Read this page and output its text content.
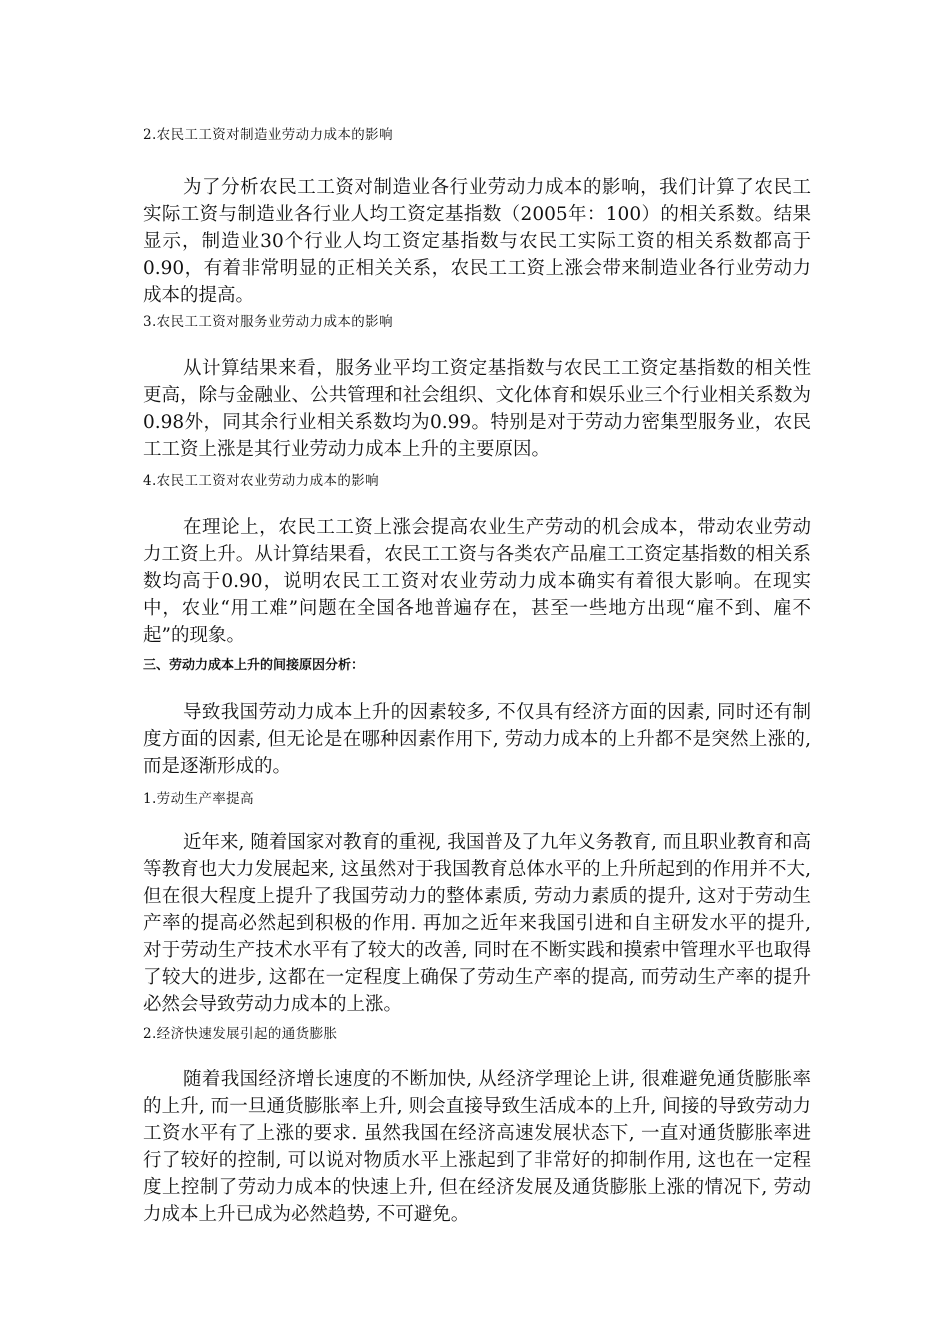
2.农民工工资对制造业劳动力成本的影响

为了分析农民工工资对制造业各行业劳动力成本的影响，我们计算了农民工实际工资与制造业各行业人均工资定基指数（2005年：100）的相关系数。结果显示，制造业30个行业人均工资定基指数与农民工实际工资的相关系数都高于0.90，有着非常明显的正相关关系，农民工工资上涨会带来制造业各行业劳动力成本的提高。

3.农民工工资对服务业劳动力成本的影响

从计算结果来看，服务业平均工资定基指数与农民工工资定基指数的相关性更高，除与金融业、公共管理和社会组织、文化体育和娱乐业三个行业相关系数为0.98外，同其余行业相关系数均为0.99。特别是对于劳动力密集型服务业，农民工工资上涨是其行业劳动力成本上升的主要原因。

4.农民工工资对农业劳动力成本的影响

在理论上，农民工工资上涨会提高农业生产劳动的机会成本，带动农业劳动力工资上升。从计算结果看，农民工工资与各类农产品雇工工资定基指数的相关系数均高于0.90，说明农民工工资对农业劳动力成本确实有着很大影响。在现实中，农业“用工难”问题在全国各地普遍存在，甚至一些地方出现“雇不到、雇不起”的现象。

三、劳动力成本上升的间接原因分析：

导致我国劳动力成本上升的因素较多, 不仅具有经济方面的因素, 同时还有制度方面的因素, 但无论是在哪种因素作用下, 劳动力成本的上升都不是突然上涨的, 而是逐渐形成的。

1.劳动生产率提高

近年来, 随着国家对教育的重视, 我国普及了九年义务教育, 而且职业教育和高等教育也大力发展起来, 这虽然对于我国教育总体水平的上升所起到的作用并不大, 但在很大程度上提升了我国劳动力的整体素质, 劳动力素质的提升, 这对于劳动生产率的提高必然起到积极的作用. 再加之近年来我国引进和自主研发水平的提升, 对于劳动生产技术水平有了较大的改善, 同时在不断实践和摸索中管理水平也取得了较大的进步, 这都在一定程度上确保了劳动生产率的提高, 而劳动生产率的提升必然会导致劳动力成本的上涨。

2.经济快速发展引起的通货膨胀

随着我国经济增长速度的不断加快, 从经济学理论上讲, 很难避免通货膨胀率的上升, 而一旦通货膨胀率上升, 则会直接导致生活成本的上升, 间接的导致劳动力工资水平有了上涨的要求. 虽然我国在经济高速发展状态下, 一直对通货膨胀率进行了较好的控制, 可以说对物质水平上涨起到了非常好的抑制作用, 这也在一定程度上控制了劳动力成本的快速上升, 但在经济发展及通货膨胀上涨的情况下, 劳动力成本上升已成为必然趋势, 不可避免。
